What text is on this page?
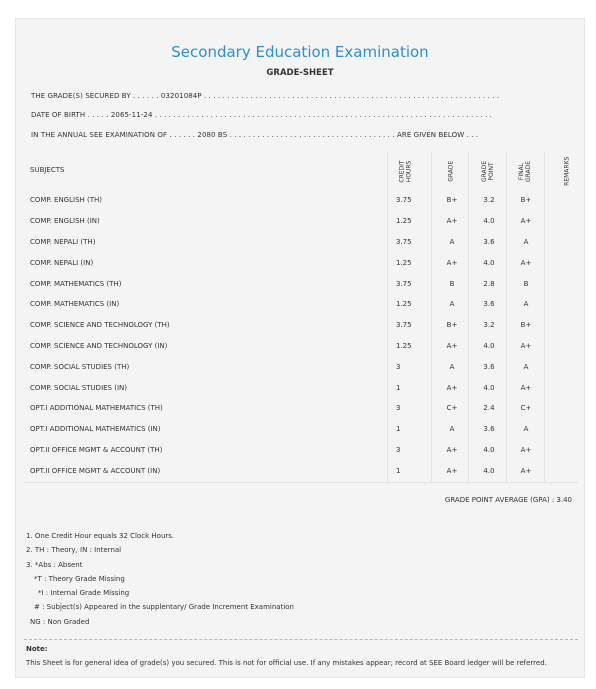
Secondary Education Examination
GRADE-SHEET
THE GRADE(S) SECURED BY . . . . . . 03201084P . . . . . . . . . . . . . . . . . . . . . . . . . . . . . . . . . . . . . . . . . . . . . . . . . . . . . . . . . . . . . . . .
DATE OF BIRTH . . . . . 2065-11-24 . . . . . . . . . . . . . . . . . . . . . . . . . . . . . . . . . . . . . . . . . . . . . . . . . . . . . . . . . . . . . . . . . . . . . . . . .
IN THE ANNUAL SEE EXAMINATION OF . . . . . . 2080 BS . . . . . . . . . . . . . . . . . . . . . . . . . . . . . . . . . . . . ARE GIVEN BELOW . . .
SUBJECTS	CREDIT HOURS	GRADE	GRADE POINT	FINAL GRADE	REMARKS
COMP. ENGLISH (TH)	3.75	B+	3.2	B+
COMP. ENGLISH (IN)	1.25	A+	4.0	A+
COMP. NEPALI (TH)	3.75	A	3.6	A
COMP. NEPALI (IN)	1.25	A+	4.0	A+
COMP. MATHEMATICS (TH)	3.75	B	2.8	B
COMP. MATHEMATICS (IN)	1.25	A	3.6	A
COMP. SCIENCE AND TECHNOLOGY (TH)	3.75	B+	3.2	B+
COMP. SCIENCE AND TECHNOLOGY (IN)	1.25	A+	4.0	A+
COMP. SOCIAL STUDIES (TH)	3	A	3.6	A
COMP. SOCIAL STUDIES (IN)	1	A+	4.0	A+
OPT.I ADDITIONAL MATHEMATICS (TH)	3	C+	2.4	C+
OPT.I ADDITIONAL MATHEMATICS (IN)	1	A	3.6	A
OPT.II OFFICE MGMT & ACCOUNT (TH)	3	A+	4.0	A+
OPT.II OFFICE MGMT & ACCOUNT (IN)	1	A+	4.0	A+
GRADE POINT AVERAGE (GPA) : 3.40
1. One Credit Hour equals 32 Clock Hours.
2. TH : Theory, IN : Internal
3. *Abs : Absent
*T : Theory Grade Missing
*I : Internal Grade Missing
# : Subject(s) Appeared in the supplentary/ Grade Increment Examination
NG : Non Graded
Note:
This Sheet is for general idea of grade(s) you secured. This is not for official use. If any mistakes appear; record at SEE Board ledger will be referred.
